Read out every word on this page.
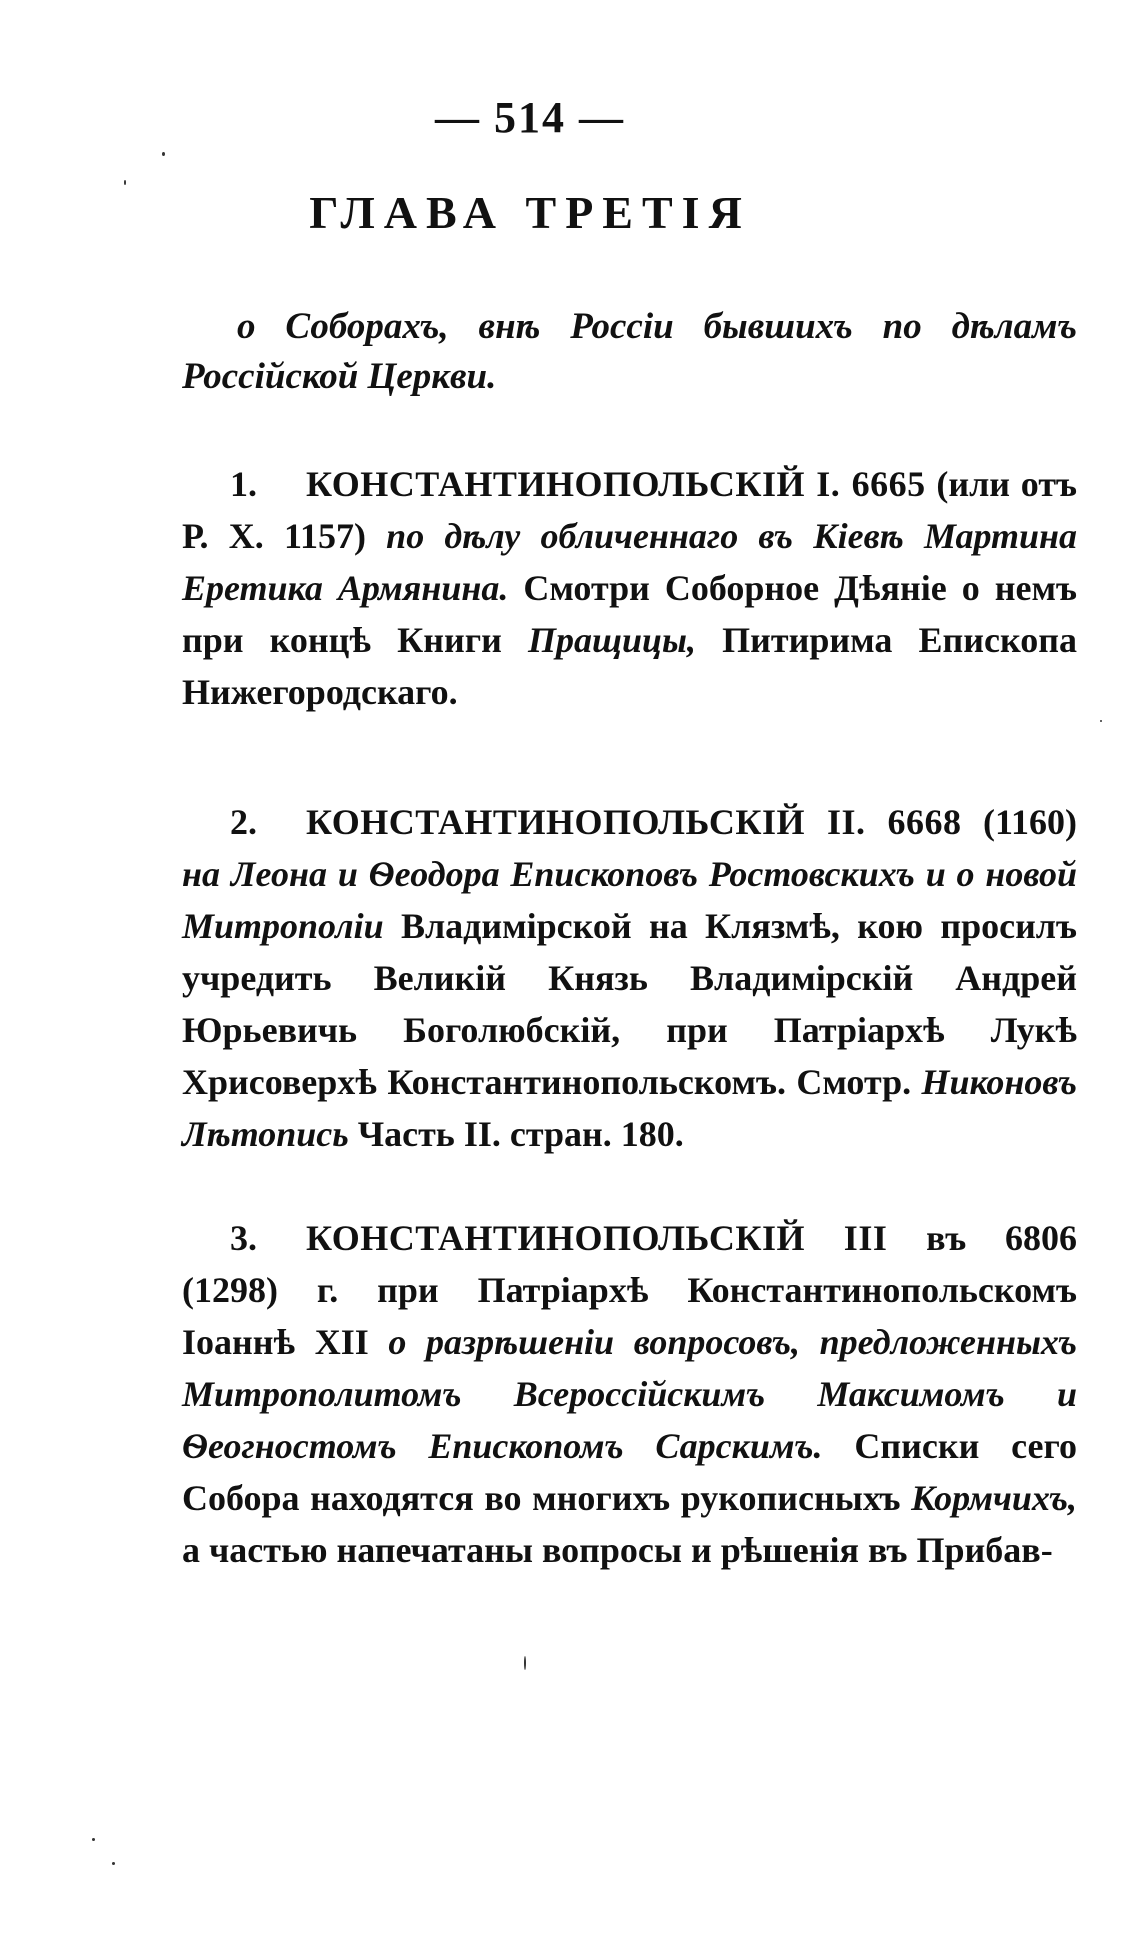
— 514 —
ГЛАВА ТРЕТІЯ
о Соборахъ, внѣ Россіи бывшихъ по дѣламъ Россійской Церкви.
1. КОНСТАНТИНОПОЛЬСКІЙ I. 6665 (или отъ Р. Х. 1157) по дѣлу обличеннаго въ Кіевѣ Мартина Еретика Армянина. Смотри Соборное Дѣяніе о немъ при концѣ Книги Пращицы, Питирима Епископа Нижегородскаго.
2. КОНСТАНТИНОПОЛЬСКІЙ II. 6668 (1160) на Леона и Ѳеодора Епископовъ Ростовскихъ и о новой Митрополіи Владимірской на Клязмѣ, кою просилъ учредить Великій Князь Владимірскій Андрей Юрьевичь Боголюбскій, при Патріархѣ Лукѣ Хрисоверхѣ Константинопольскомъ. Смотр. Никоновъ Лѣтопись Часть II. стран. 180.
3. КОНСТАНТИНОПОЛЬСКІЙ III въ 6806 (1298) г. при Патріархѣ Константинопольскомъ Іоаннѣ XII о разрѣшеніи вопросовъ, предложенныхъ Митрополитомъ Всероссійскимъ Максимомъ и Ѳеогностомъ Епископомъ Сарскимъ. Списки сего Собора находятся во многихъ рукописныхъ Кормчихъ, а частью напечатаны вопросы и рѣшенія въ Прибав-
